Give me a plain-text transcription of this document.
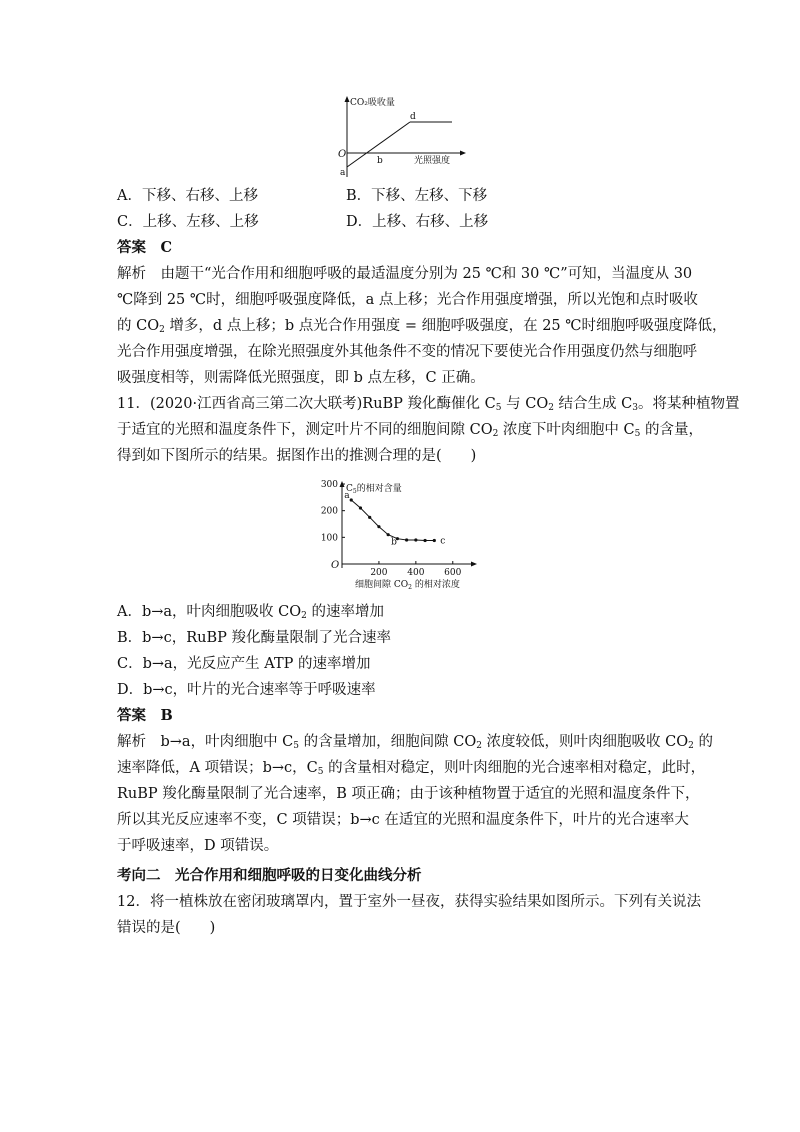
CO₂吸收量
光照强度
O
a
b
d
A．下移、右移、上移	B．下移、左移、下移
C．上移、左移、上移	D．上移、右移、上移
答案　C
解析　由题干“光合作用和细胞呼吸的最适温度分别为 25 ℃和 30 ℃”可知，当温度从 30
℃降到 25 ℃时，细胞呼吸强度降低，a 点上移；光合作用强度增强，所以光饱和点时吸收
的 $CO_2$ 增多，d 点上移；b 点光合作用强度 = 细胞呼吸强度，在 25 ℃时细胞呼吸强度降低，
光合作用强度增强，在除光照强度外其他条件不变的情况下要使光合作用强度仍然与细胞呼
吸强度相等，则需降低光照强度，即 b 点左移，C 正确。
11．(2020·江西省高三第二次大联考)RuBP 羧化酶催化 $C_5$ 与 $CO_2$ 结合生成 $C_3$。将某种植物置
于适宜的光照和温度条件下，测定叶片不同的细胞间隙 $CO_2$ 浓度下叶肉细胞中 $C_5$ 的含量，
得到如下图所示的结果。据图作出的推测合理的是(　　)
$C_5$的相对含量
O
细胞间隙 $CO_2$ 的相对浓度
100
200
300
200 400 600
a
b	c
A．b→a，叶肉细胞吸收 $CO_2$ 的速率增加
B．b→c，RuBP 羧化酶量限制了光合速率
C．b→a，光反应产生 ATP 的速率增加
D．b→c，叶片的光合速率等于呼吸速率
答案　B
解析　b→a，叶肉细胞中 $C_5$ 的含量增加，细胞间隙 $CO_2$ 浓度较低，则叶肉细胞吸收 $CO_2$ 的
速率降低，A 项错误；b→c，$C_5$ 的含量相对稳定，则叶肉细胞的光合速率相对稳定，此时，
RuBP 羧化酶量限制了光合速率，B 项正确；由于该种植物置于适宜的光照和温度条件下，
所以其光反应速率不变，C 项错误；b→c 在适宜的光照和温度条件下，叶片的光合速率大
于呼吸速率，D 项错误。
考向二　光合作用和细胞呼吸的日变化曲线分析
12．将一植株放在密闭玻璃罩内，置于室外一昼夜，获得实验结果如图所示。下列有关说法
错误的是(　　)
